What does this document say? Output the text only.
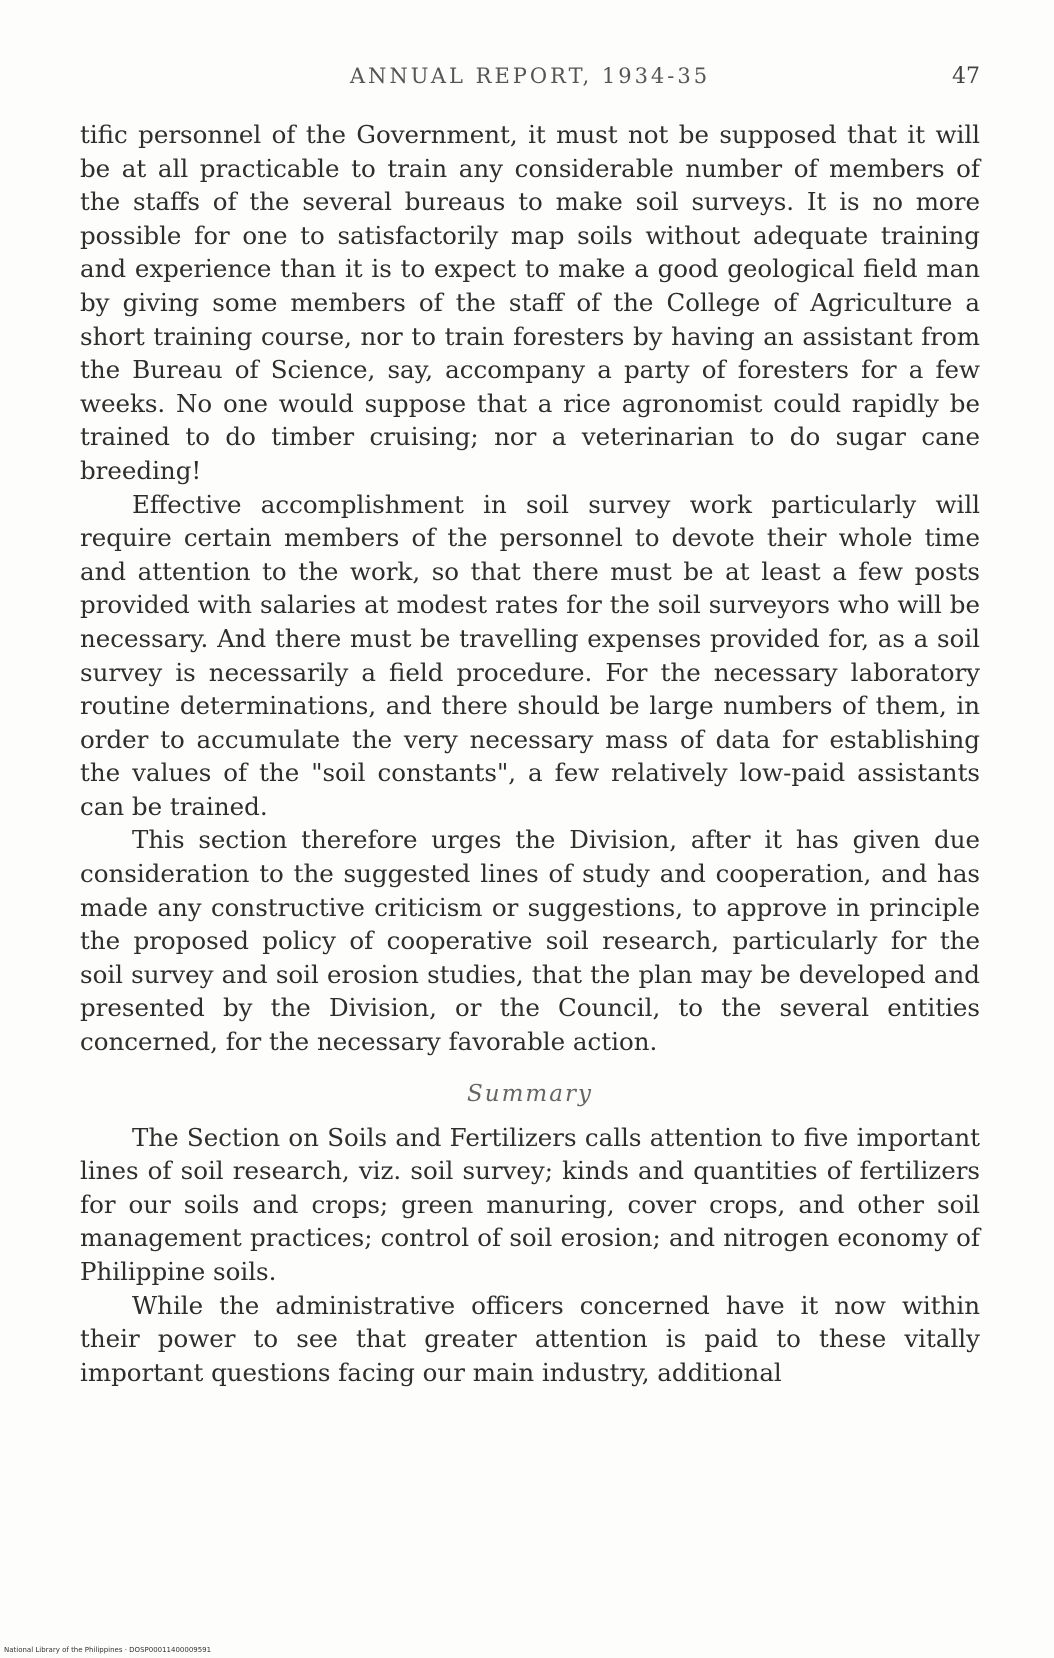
ANNUAL REPORT, 1934-35	47

tific personnel of the Government, it must not be supposed that it will be at all practicable to train any considerable number of members of the staffs of the several bureaus to make soil surveys. It is no more possible for one to satisfactorily map soils without adequate training and experience than it is to expect to make a good geological field man by giving some members of the staff of the College of Agriculture a short training course, nor to train foresters by having an assistant from the Bureau of Science, say, accompany a party of foresters for a few weeks. No one would suppose that a rice agronomist could rapidly be trained to do timber cruising; nor a veterinarian to do sugar cane breeding!

Effective accomplishment in soil survey work particularly will require certain members of the personnel to devote their whole time and attention to the work, so that there must be at least a few posts provided with salaries at modest rates for the soil surveyors who will be necessary. And there must be travelling expenses provided for, as a soil survey is necessarily a field procedure. For the necessary laboratory routine determinations, and there should be large numbers of them, in order to accumulate the very necessary mass of data for establishing the values of the "soil constants", a few relatively low-paid assistants can be trained.

This section therefore urges the Division, after it has given due consideration to the suggested lines of study and cooperation, and has made any constructive criticism or suggestions, to approve in principle the proposed policy of cooperative soil research, particularly for the soil survey and soil erosion studies, that the plan may be developed and presented by the Division, or the Council, to the several entities concerned, for the necessary favorable action.

Summary

The Section on Soils and Fertilizers calls attention to five important lines of soil research, viz. soil survey; kinds and quantities of fertilizers for our soils and crops; green manuring, cover crops, and other soil management practices; control of soil erosion; and nitrogen economy of Philippine soils.

While the administrative officers concerned have it now within their power to see that greater attention is paid to these vitally important questions facing our main industry, additional

National Library of the Philippines · DOSP00011400009591
